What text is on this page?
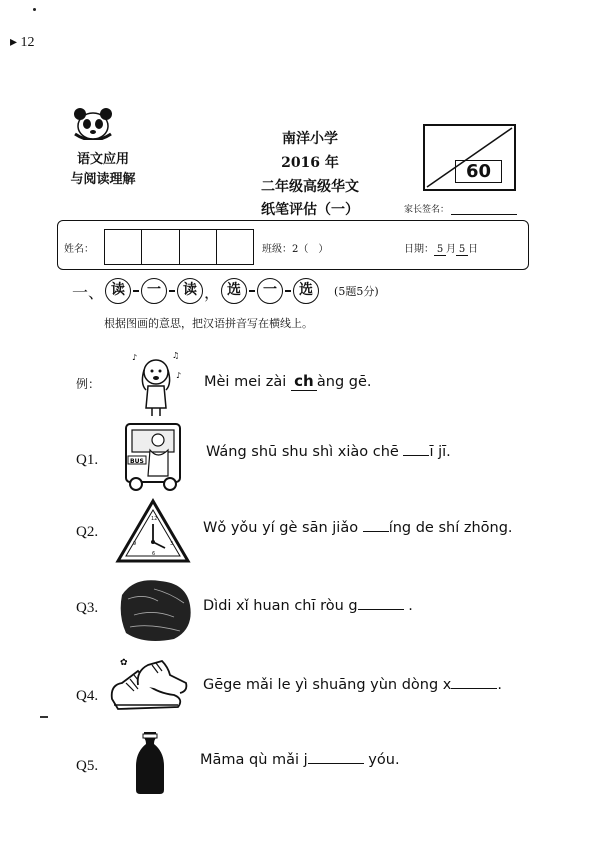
▸ 12
语文应用
与阅读理解
南洋小学
2016 年
二年级高级华文
纸笔评估（一）
60
家长签名：
姓名：	班级：2（　）	日期： 5 月 5 日
一、 读	一	读 ， 选	一	选	(5题5分)
根据图画的意思，把汉语拼音写在横线上。
例：
♪	♫
♪ Mèi mei zài ch àng gē.
Q1.	BUS
Wáng shū shu shì xiào chē ī jī.
Q2.
12
3
6
9
Wǒ yǒu yí gè sān jiǎo íng de shí zhōng.
Q3.	Dìdi xǐ huan chī ròu g	.
Q4.
✿
Gēge mǎi le yì shuāng yùn dòng x	.
Q5.	Māma qù mǎi j	yóu.
